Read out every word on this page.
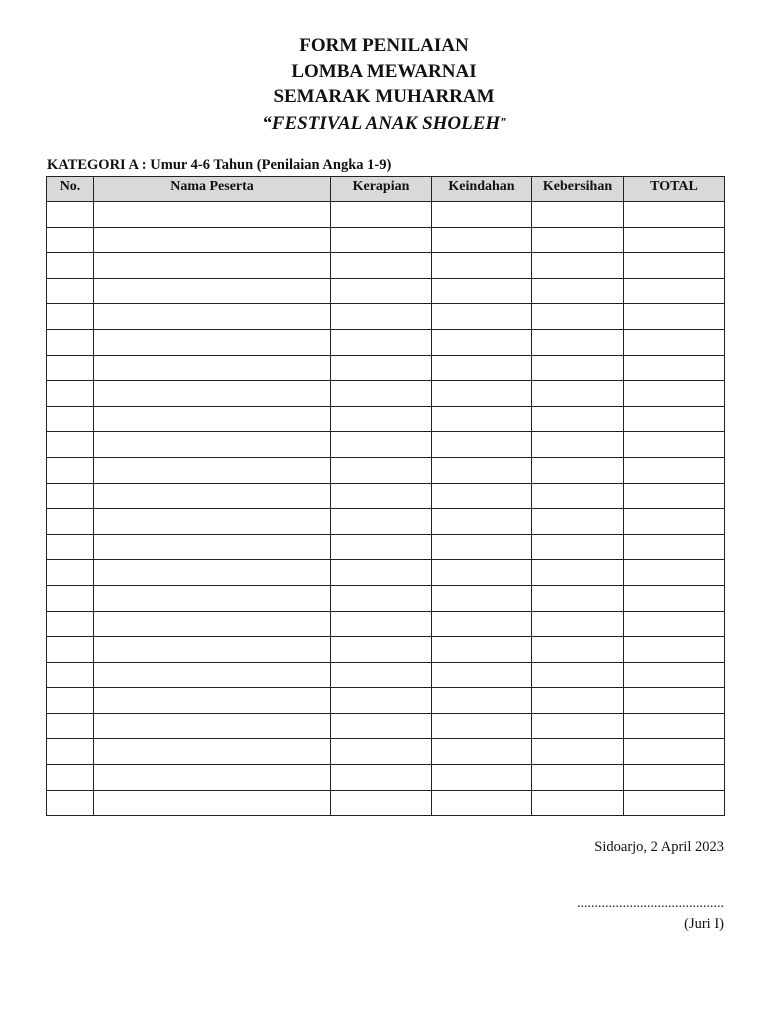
FORM PENILAIAN
LOMBA MEWARNAI
SEMARAK MUHARRAM
“FESTIVAL ANAK SHOLEH”
KATEGORI A : Umur 4-6 Tahun (Penilaian Angka 1-9)
No.	Nama Peserta	Kerapian	Keindahan	Kebersihan	TOTAL

Sidoarjo, 2 April 2023
..........................................
(Juri I)
